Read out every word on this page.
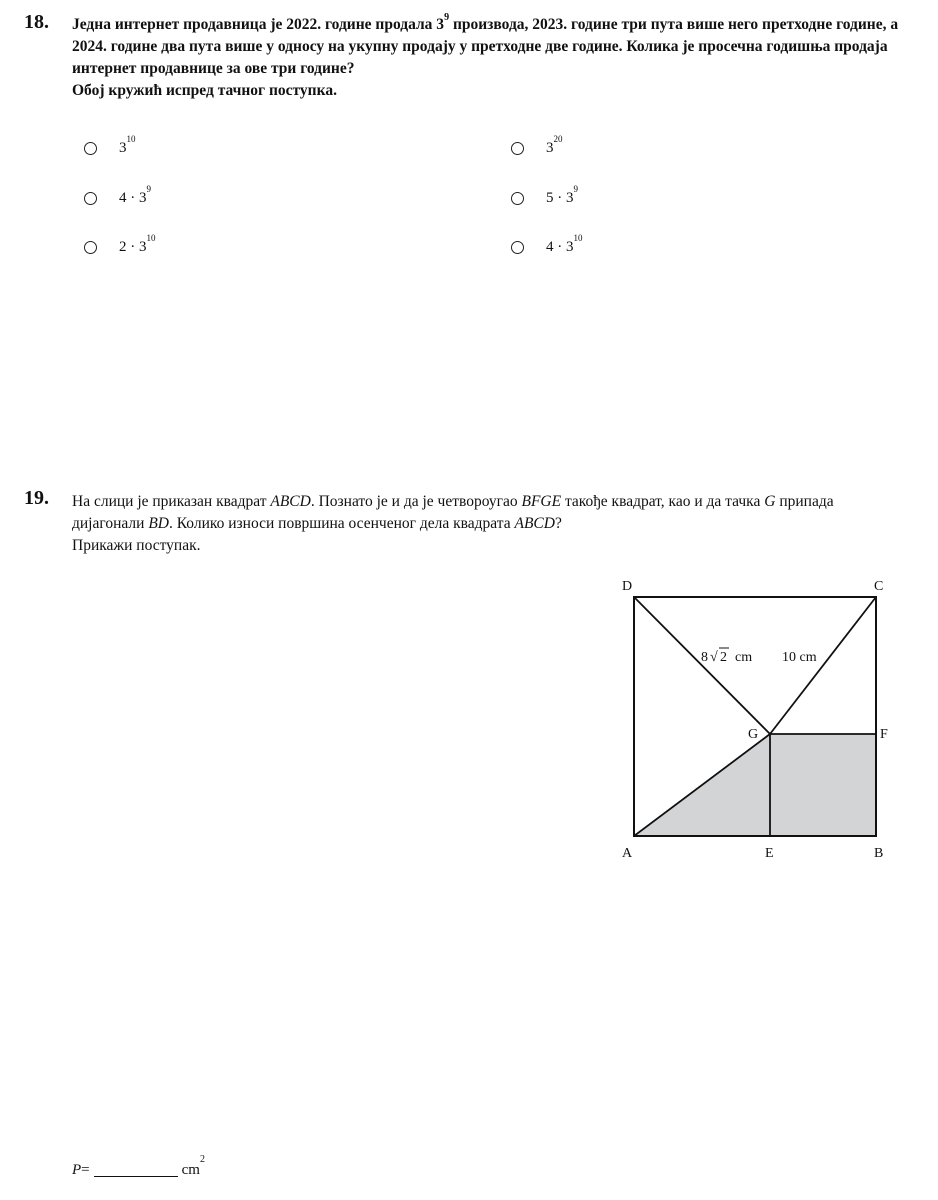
18. Једна интернет продавница је 2022. године продала $3^9$ производа, 2023. године три пута више него претходне године, а 2024. године два пута више у односу на укупну продају у претходне две године. Колика је просечна годишња продаја интернет продавнице за ове три године?

Обој кружић испред тачног поступка.

$3^{10}$
$3^{20}$
$4 \cdot 3^9$
$5 \cdot 3^9$
$2 \cdot 3^{10}$
$4 \cdot 3^{10}$
19. На слици је приказан квадрат ABCD. Познато је и да је четвороугао BFGE такође квадрат, као и да тачка G припада дијагонали BD. Колико износи површина осенченог дела квадрата ABCD?

Прикажи поступак.

D	C
G	F
A	E	B
8 √ 2 cm 10 cm
P =	$cm^2$
